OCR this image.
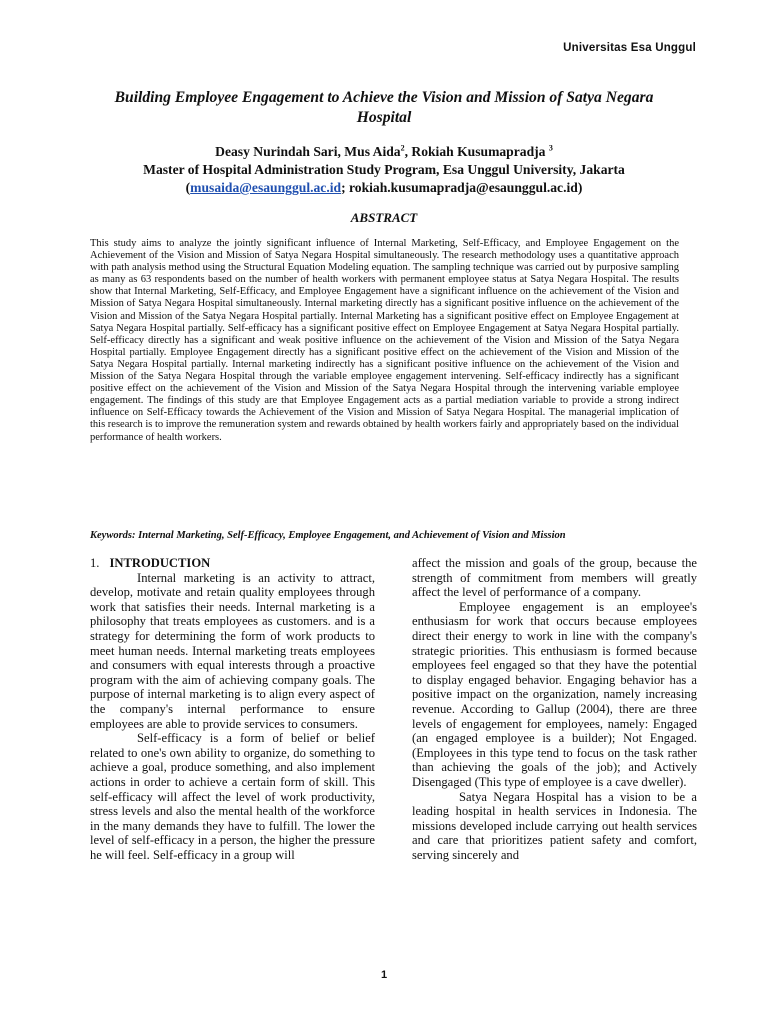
Universitas Esa Unggul
Building Employee Engagement to Achieve the Vision and Mission of Satya Negara Hospital
Deasy Nurindah Sari, Mus Aida$^2$, Rokiah Kusumapradja $^3$
Master of Hospital Administration Study Program, Esa Unggul University, Jakarta
(musaida@esaunggul.ac.id; rokiah.kusumapradja@esaunggul.ac.id)
ABSTRACT
This study aims to analyze the jointly significant influence of Internal Marketing, Self-Efficacy, and Employee Engagement on the Achievement of the Vision and Mission of Satya Negara Hospital simultaneously. The research methodology uses a quantitative approach with path analysis method using the Structural Equation Modeling equation. The sampling technique was carried out by purposive sampling as many as 63 respondents based on the number of health workers with permanent employee status at Satya Negara Hospital. The results show that Internal Marketing, Self-Efficacy, and Employee Engagement have a significant influence on the achievement of the Vision and Mission of Satya Negara Hospital simultaneously. Internal marketing directly has a significant positive influence on the achievement of the Vision and Mission of the Satya Negara Hospital partially. Internal Marketing has a significant positive effect on Employee Engagement at Satya Negara Hospital partially. Self-efficacy has a significant positive effect on Employee Engagement at Satya Negara Hospital partially. Self-efficacy directly has a significant and weak positive influence on the achievement of the Vision and Mission of the Satya Negara Hospital partially. Employee Engagement directly has a significant positive effect on the achievement of the Vision and Mission of the Satya Negara Hospital partially. Internal marketing indirectly has a significant positive influence on the achievement of the Vision and Mission of the Satya Negara Hospital through the variable employee engagement intervening. Self-efficacy indirectly has a significant positive effect on the achievement of the Vision and Mission of the Satya Negara Hospital through the intervening variable employee engagement. The findings of this study are that Employee Engagement acts as a partial mediation variable to provide a strong indirect influence on Self-Efficacy towards the Achievement of the Vision and Mission of Satya Negara Hospital. The managerial implication of this research is to improve the remuneration system and rewards obtained by health workers fairly and appropriately based on the individual performance of health workers.
Keywords: Internal Marketing, Self-Efficacy, Employee Engagement, and Achievement of Vision and Mission

1. INTRODUCTION

Internal marketing is an activity to attract, develop, motivate and retain quality employees through work that satisfies their needs. Internal marketing is a philosophy that treats employees as customers. and is a strategy for determining the form of work products to meet human needs. Internal marketing treats employees and consumers with equal interests through a proactive program with the aim of achieving company goals. The purpose of internal marketing is to align every aspect of the company's internal performance to ensure employees are able to provide services to consumers.

Self-efficacy is a form of belief or belief related to one's own ability to organize, do something to achieve a goal, produce something, and also implement actions in order to achieve a certain form of skill. This self-efficacy will affect the level of work productivity, stress levels and also the mental health of the workforce in the many demands they have to fulfill. The lower the level of self-efficacy in a person, the higher the pressure he will feel. Self-efficacy in a group will

affect the mission and goals of the group, because the strength of commitment from members will greatly affect the level of performance of a company.

Employee engagement is an employee's enthusiasm for work that occurs because employees direct their energy to work in line with the company's strategic priorities. This enthusiasm is formed because employees feel engaged so that they have the potential to display engaged behavior. Engaging behavior has a positive impact on the organization, namely increasing revenue. According to Gallup (2004), there are three levels of engagement for employees, namely: Engaged (an engaged employee is a builder); Not Engaged. (Employees in this type tend to focus on the task rather than achieving the goals of the job); and Actively Disengaged (This type of employee is a cave dweller).

Satya Negara Hospital has a vision to be a leading hospital in health services in Indonesia. The missions developed include carrying out health services and care that prioritizes patient safety and comfort, serving sincerely and

1
